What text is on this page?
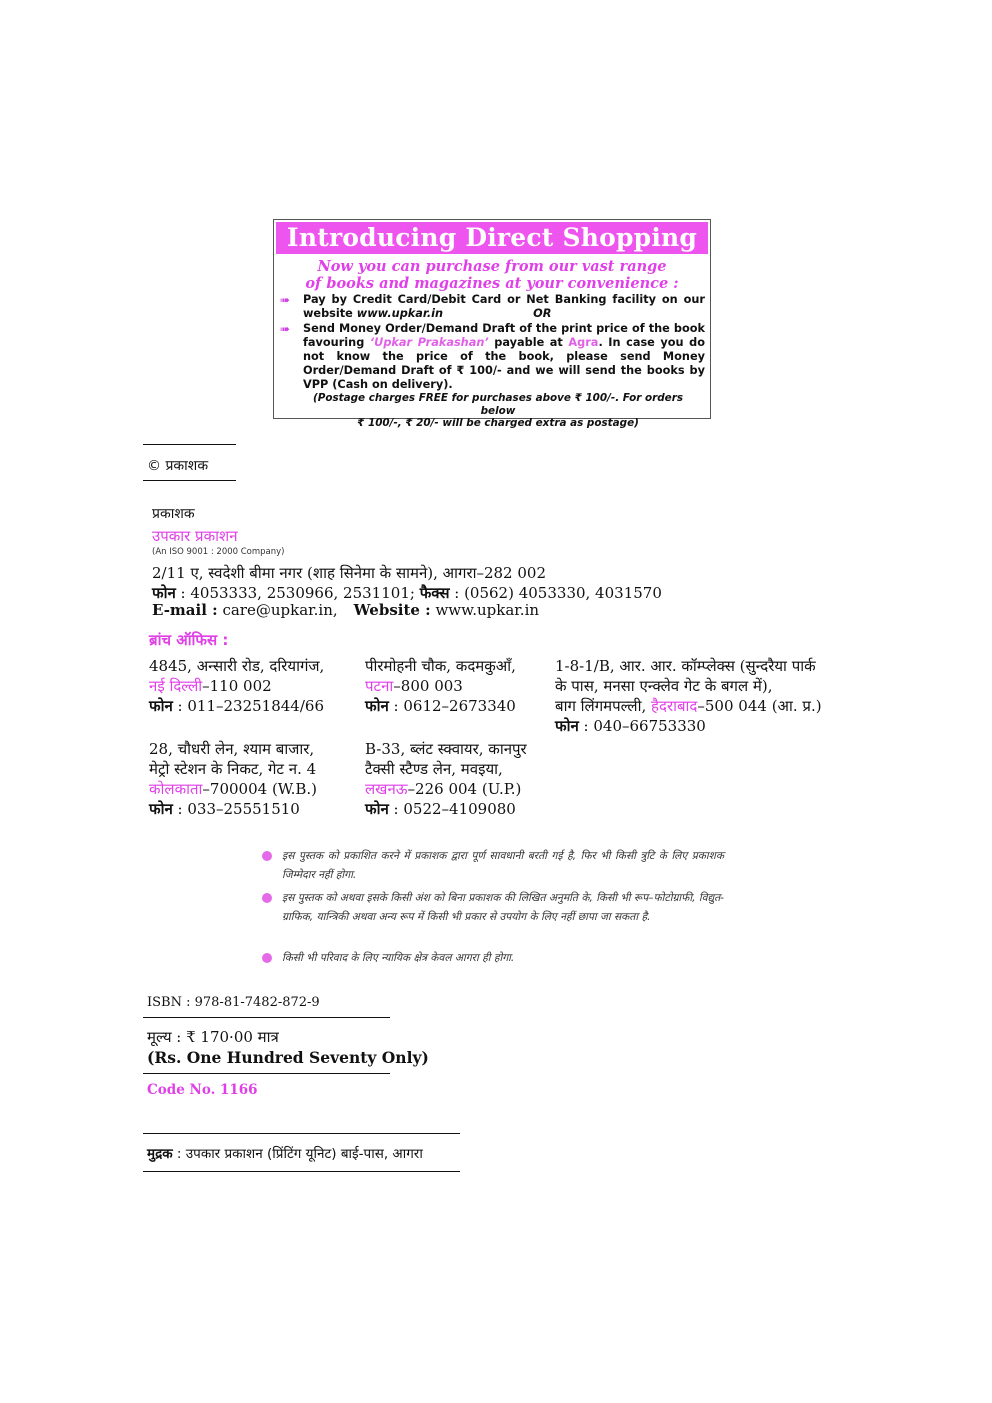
Introducing Direct Shopping
Now you can purchase from our vast range
of books and magazines at your convenience :
➠ Pay by Credit Card/Debit Card or Net Banking facility on our website www.upkar.in	OR
➠ Send Money Order/Demand Draft of the print price of the book favouring ‘Upkar Prakashan’ payable at Agra. In case you do not know the price of the book, please send Money Order/Demand Draft of ₹ 100/- and we will send the books by VPP (Cash on delivery).
(Postage charges FREE for purchases above ₹ 100/-. For orders below
₹ 100/-, ₹ 20/- will be charged extra as postage)
© प्रकाशक
प्रकाशक
उपकार प्रकाशन
(An ISO 9001 : 2000 Company)
2/11 ए, स्वदेशी बीमा नगर (शाह सिनेमा के सामने), आगरा–282 002
फोन : 4053333, 2530966, 2531101; फैक्स : (0562) 4053330, 4031570
E-mail : care@upkar.in, Website : www.upkar.in
ब्रांच ऑफिस :
4845, अन्सारी रोड, दरियागंज,
नई दिल्ली–110 002
फोन : 011–23251844/66
पीरमोहनी चौक, कदमकुआँ,
पटना–800 003
फोन : 0612–2673340
1-8-1/B, आर. आर. कॉम्प्लेक्स (सुन्दरैया पार्क
के पास, मनसा एन्क्लेव गेट के बगल में),
बाग लिंगमपल्ली, हैदराबाद–500 044 (आ. प्र.)
फोन : 040–66753330
28, चौधरी लेन, श्याम बाजार,
मेट्रो स्टेशन के निकट, गेट न. 4
कोलकाता–700004 (W.B.)
फोन : 033–25551510
B-33, ब्लंट स्क्वायर, कानपुर
टैक्सी स्टैण्ड लेन, मवइया,
लखनऊ–226 004 (U.P.)
फोन : 0522–4109080
इस पुस्तक को प्रकाशित करने में प्रकाशक द्वारा पूर्ण सावधानी बरती गई है, फिर भी किसी त्रुटि के लिए प्रकाशक जिम्मेदार नहीं होगा.
इस पुस्तक को अथवा इसके किसी अंश को बिना प्रकाशक की लिखित अनुमति के, किसी भी रूप–फोटोग्राफी, विद्युत-ग्राफिक, यान्त्रिकी अथवा अन्य रूप में किसी भी प्रकार से उपयोग के लिए नहीं छापा जा सकता है.
किसी भी परिवाद के लिए न्यायिक क्षेत्र केवल आगरा ही होगा.
ISBN : 978-81-7482-872-9
मूल्य : ₹ 170·00 मात्र
(Rs. One Hundred Seventy Only)
Code No. 1166
मुद्रक : उपकार प्रकाशन (प्रिंटिंग यूनिट) बाई-पास, आगरा
